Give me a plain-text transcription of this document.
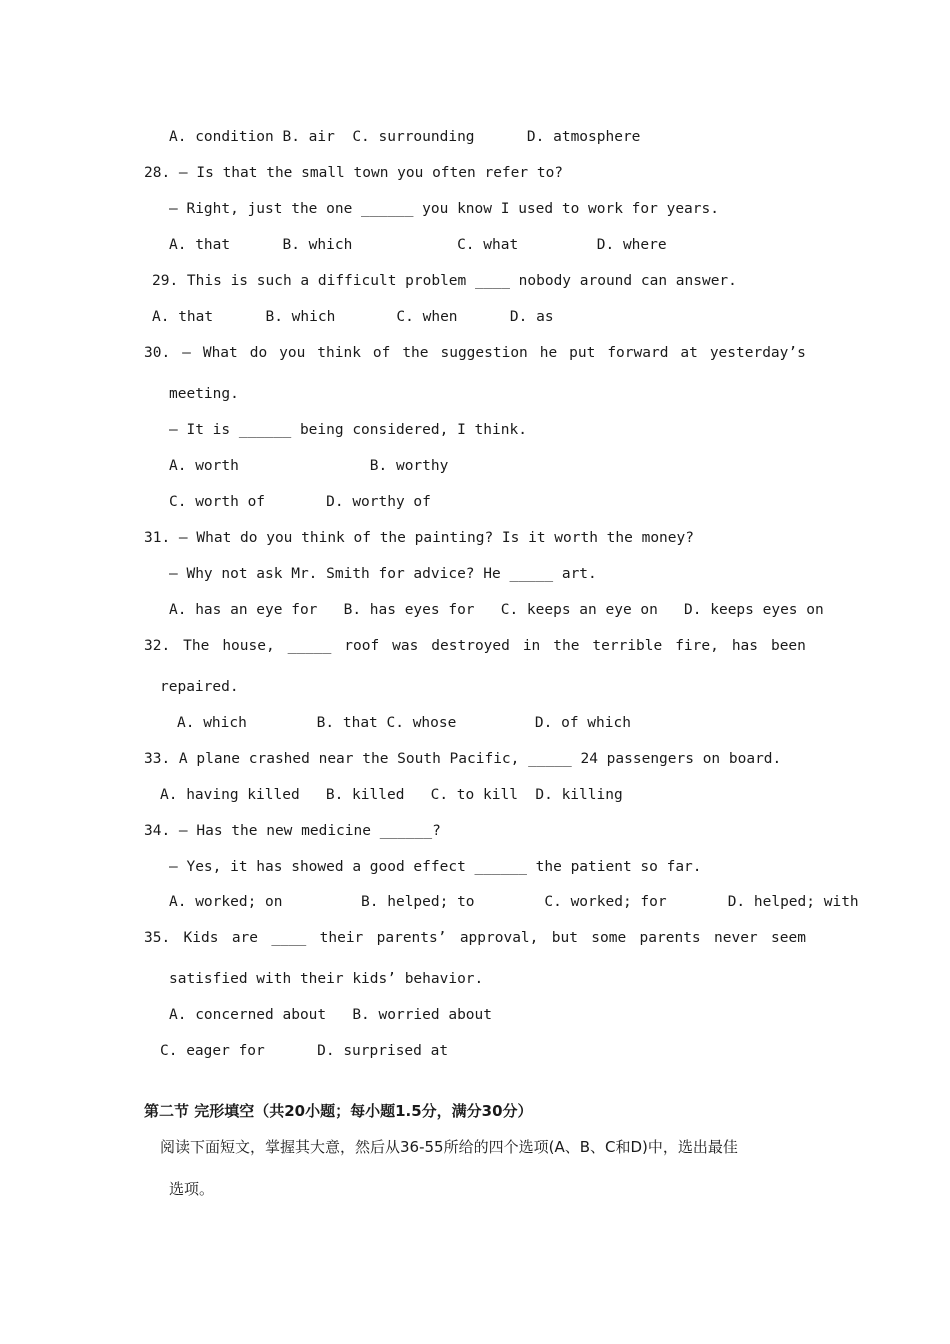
A. condition B. air  C. surrounding      D. atmosphere
28. — Is that the small town you often refer to?
— Right, just the one ______ you know I used to work for years.
A. that      B. which            C. what         D. where
29. This is such a difficult problem ____ nobody around can answer.
A. that      B. which       C. when      D. as
30. — What do you think of the suggestion he put forward at yesterday’s
meeting.
— It is ______ being considered, I think.
A. worth               B. worthy
C. worth of       D. worthy of
31. — What do you think of the painting? Is it worth the money?
— Why not ask Mr. Smith for advice? He _____ art.
A. has an eye for   B. has eyes for   C. keeps an eye on   D. keeps eyes on
32. The house, _____ roof was destroyed in the terrible fire, has been
repaired.
A. which        B. that C. whose         D. of which
33. A plane crashed near the South Pacific, _____ 24 passengers on board.
A. having killed   B. killed   C. to kill  D. killing
34. — Has the new medicine ______?
— Yes, it has showed a good effect ______ the patient so far.
A. worked; on         B. helped; to        C. worked; for       D. helped; with
35. Kids are ____ their parents’ approval, but some parents never seem
satisfied with their kids’ behavior.
A. concerned about   B. worried about
C. eager for      D. surprised at
第二节 完形填空（共20小题；每小题1.5分，满分30分）
阅读下面短文，掌握其大意，然后从36-55所给的四个选项(A、B、C和D)中，选出最佳
选项。
